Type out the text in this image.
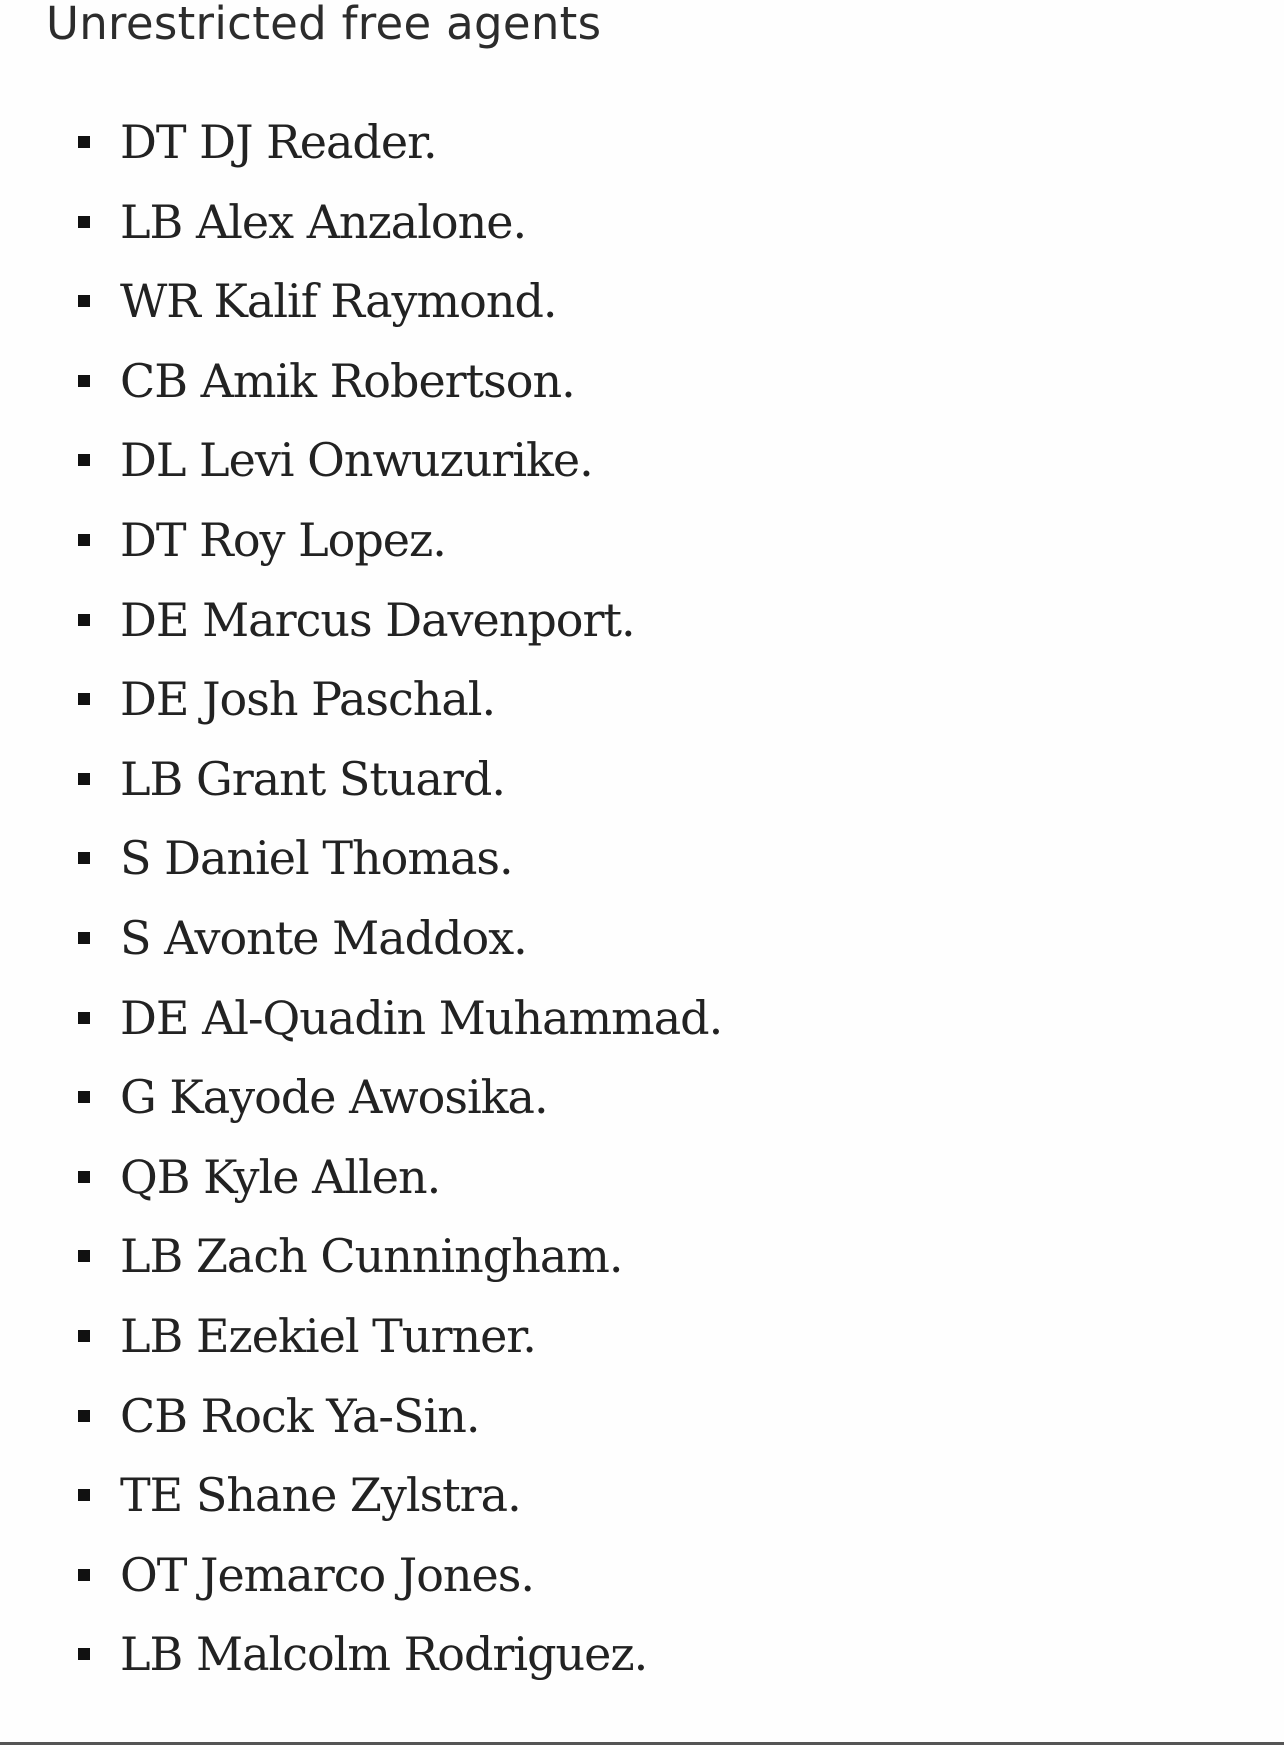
Unrestricted free agents
DT DJ Reader.
LB Alex Anzalone.
WR Kalif Raymond.
CB Amik Robertson.
DL Levi Onwuzurike.
DT Roy Lopez.
DE Marcus Davenport.
DE Josh Paschal.
LB Grant Stuard.
S Daniel Thomas.
S Avonte Maddox.
DE Al-Quadin Muhammad.
G Kayode Awosika.
QB Kyle Allen.
LB Zach Cunningham.
LB Ezekiel Turner.
CB Rock Ya-Sin.
TE Shane Zylstra.
OT Jemarco Jones.
LB Malcolm Rodriguez.
